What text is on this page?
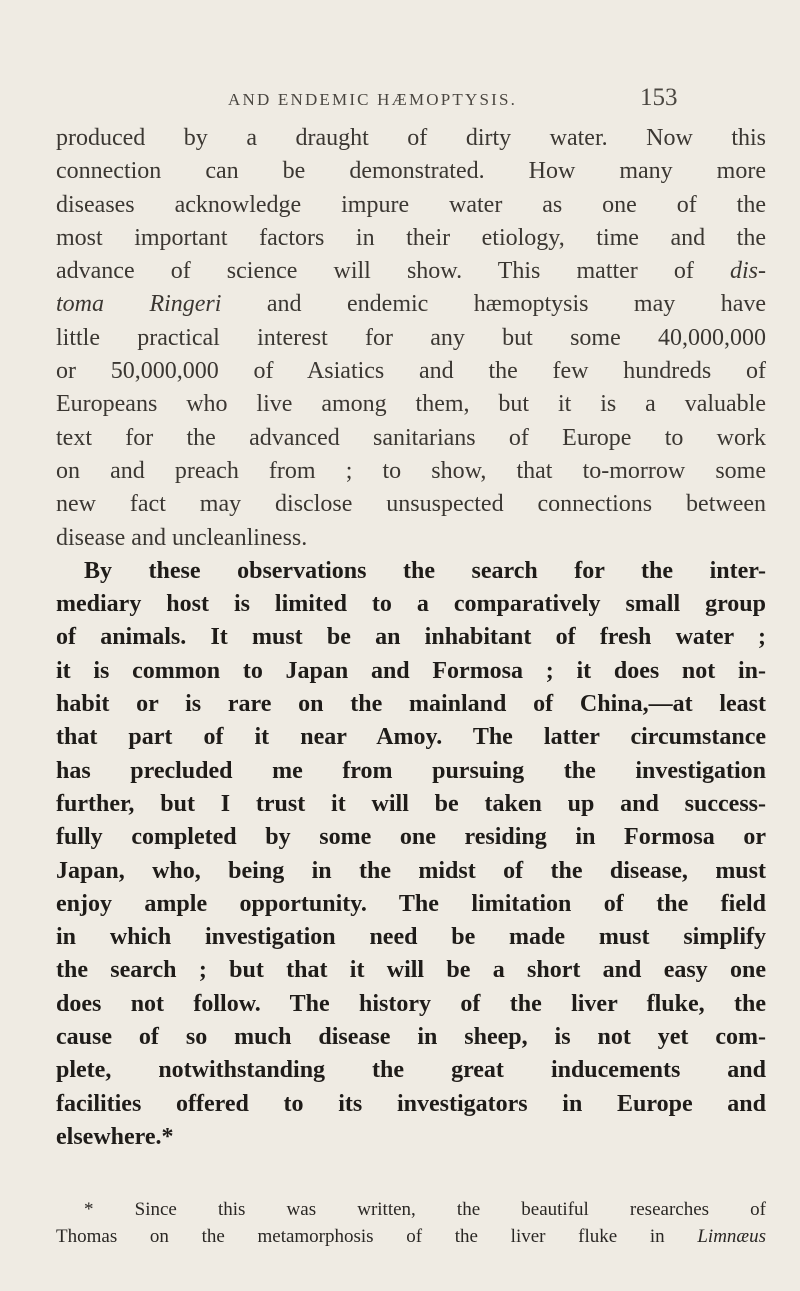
AND ENDEMIC HÆMOPTYSIS.	153
produced by a draught of dirty water. Now this
connection can be demonstrated. How many more
diseases acknowledge impure water as one of the
most important factors in their etiology, time and the
advance of science will show. This matter of dis-
toma Ringeri and endemic hæmoptysis may have
little practical interest for any but some 40,000,000
or 50,000,000 of Asiatics and the few hundreds of
Europeans who live among them, but it is a valuable
text for the advanced sanitarians of Europe to work
on and preach from ; to show, that to-morrow some
new fact may disclose unsuspected connections between
disease and uncleanliness.
By these observations the search for the inter-
mediary host is limited to a comparatively small group
of animals. It must be an inhabitant of fresh water ;
it is common to Japan and Formosa ; it does not in-
habit or is rare on the mainland of China,—at least
that part of it near Amoy. The latter circumstance
has precluded me from pursuing the investigation
further, but I trust it will be taken up and success-
fully completed by some one residing in Formosa or
Japan, who, being in the midst of the disease, must
enjoy ample opportunity. The limitation of the field
in which investigation need be made must simplify
the search ; but that it will be a short and easy one
does not follow. The history of the liver fluke, the
cause of so much disease in sheep, is not yet com-
plete, notwithstanding the great inducements and
facilities offered to its investigators in Europe and
elsewhere.*
* Since this was written, the beautiful researches of
Thomas on the metamorphosis of the liver fluke in Limnæus
